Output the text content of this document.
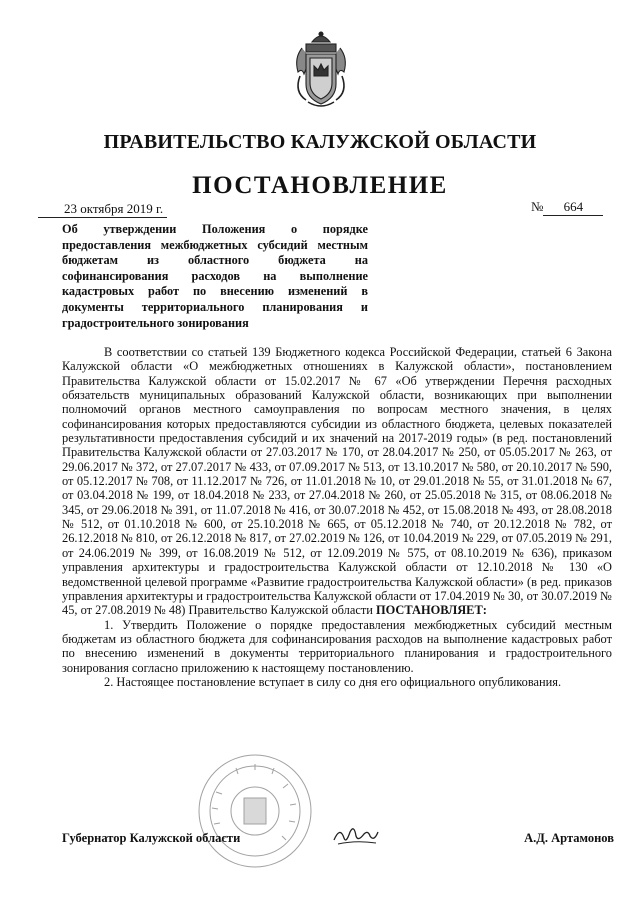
ПРАВИТЕЛЬСТВО КАЛУЖСКОЙ ОБЛАСТИ
ПОСТАНОВЛЕНИЕ
23 октября 2019 г.	№ 664
Об утверждении Положения о порядке предоставления межбюджетных субсидий местным бюджетам из областного бюджета на софинансирования расходов на выполнение кадастровых работ по внесению изменений в документы территориального планирования и градостроительного зонирования

В соответствии со статьей 139 Бюджетного кодекса Российской Федерации, статьей 6 Закона Калужской области «О межбюджетных отношениях в Калужской области», постановлением Правительства Калужской области от 15.02.2017 № 67 «Об утверждении Перечня расходных обязательств муниципальных образований Калужской области, возникающих при выполнении полномочий органов местного самоуправления по вопросам местного значения, в целях софинансирования которых предоставляются субсидии из областного бюджета, целевых показателей результативности предоставления субсидий и их значений на 2017-2019 годы» (в ред. постановлений Правительства Калужской области от 27.03.2017 № 170, от 28.04.2017 № 250, от 05.05.2017 № 263, от 29.06.2017 № 372, от 27.07.2017 № 433, от 07.09.2017 № 513, от 13.10.2017 № 580, от 20.10.2017 № 590, от 05.12.2017 № 708, от 11.12.2017 № 726, от 11.01.2018 № 10, от 29.01.2018 № 55, от 31.01.2018 № 67, от 03.04.2018 № 199, от 18.04.2018 № 233, от 27.04.2018 № 260, от 25.05.2018 № 315, от 08.06.2018 № 345, от 29.06.2018 № 391, от 11.07.2018 № 416, от 30.07.2018 № 452, от 15.08.2018 № 493, от 28.08.2018 № 512, от 01.10.2018 № 600, от 25.10.2018 № 665, от 05.12.2018 № 740, от 20.12.2018 № 782, от 26.12.2018 № 810, от 26.12.2018 № 817, от 27.02.2019 № 126, от 10.04.2019 № 229, от 07.05.2019 № 291, от 24.06.2019 № 399, от 16.08.2019 № 512, от 12.09.2019 № 575, от 08.10.2019 № 636), приказом управления архитектуры и градостроительства Калужской области от 12.10.2018 № 130 «О ведомственной целевой программе «Развитие градостроительства Калужской области» (в ред. приказов управления архитектуры и градостроительства Калужской области от 17.04.2019 № 30, от 30.07.2019 № 45, от 27.08.2019 № 48) Правительство Калужской области ПОСТАНОВЛЯЕТ:

1. Утвердить Положение о порядке предоставления межбюджетных субсидий местным бюджетам из областного бюджета для софинансирования расходов на выполнение кадастровых работ по внесению изменений в документы территориального планирования и градостроительного зонирования согласно приложению к настоящему постановлению.

2. Настоящее постановление вступает в силу со дня его официального опубликования.

Губернатор Калужской области	А.Д. Артамонов
